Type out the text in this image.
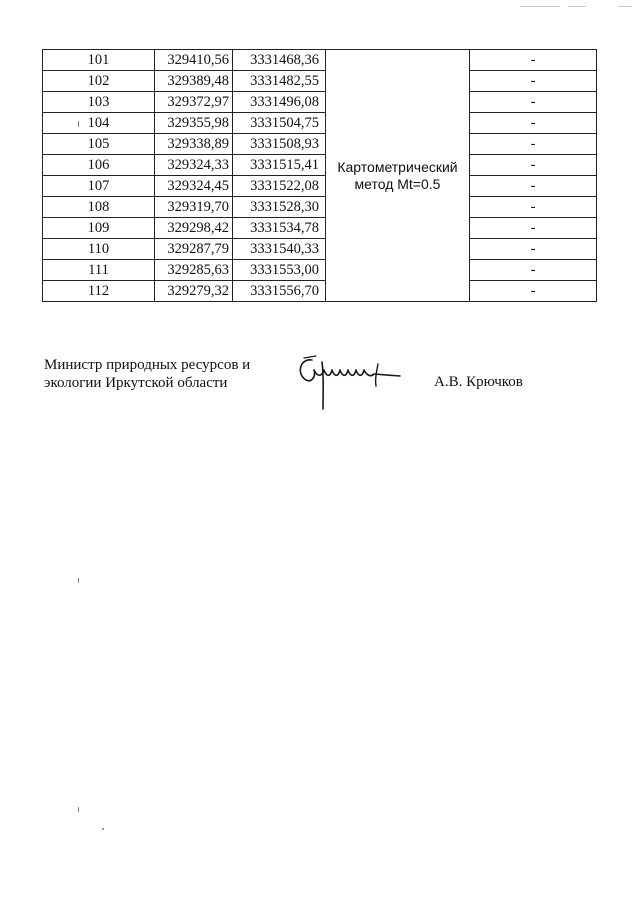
101	329410,56	3331468,36	Картометрический метод Mt=0.5	-
102	329389,48	3331482,55		-
103	329372,97	3331496,08		-
104	329355,98	3331504,75		-
105	329338,89	3331508,93		-
106	329324,33	3331515,41		-
107	329324,45	3331522,08		-
108	329319,70	3331528,30		-
109	329298,42	3331534,78		-
110	329287,79	3331540,33		-
111	329285,63	3331553,00		-
112	329279,32	3331556,70		-
Министр природных ресурсов и
экологии Иркутской области	А.В. Крючков
